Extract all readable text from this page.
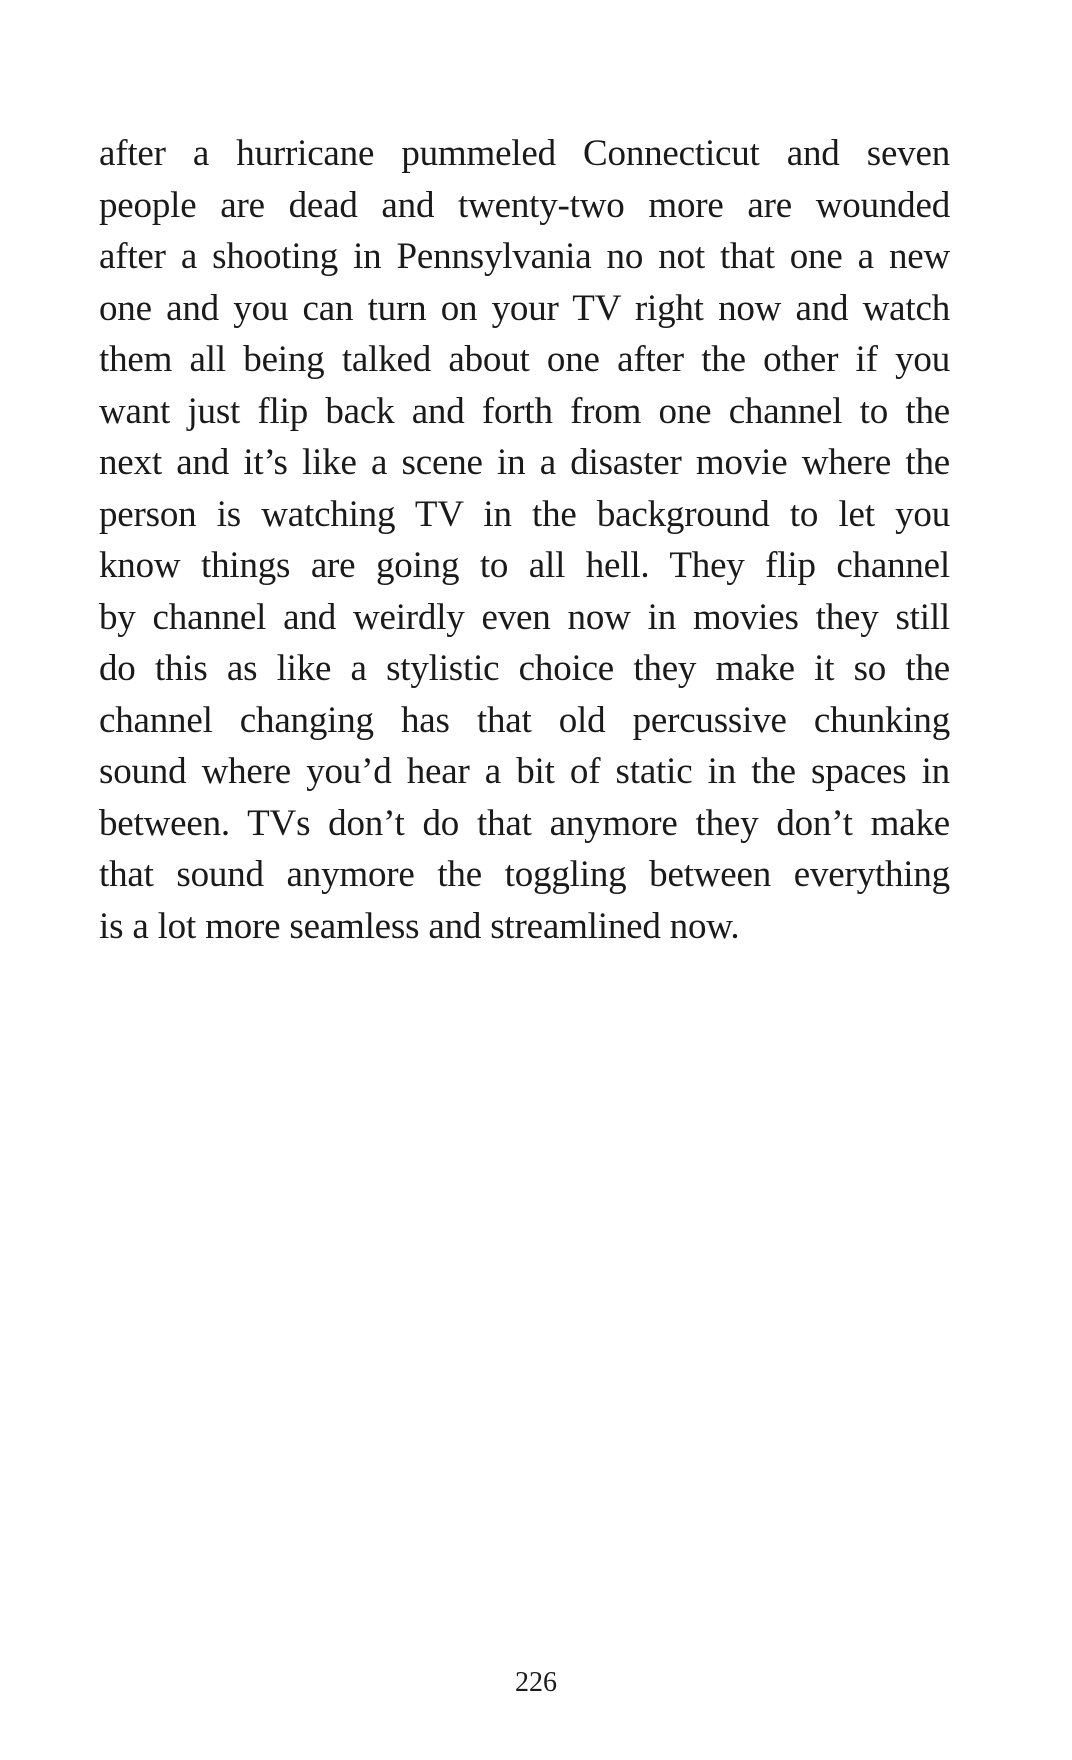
after a hurricane pummeled Connecticut and seven
people are dead and twenty-two more are wounded
after a shooting in Pennsylvania no not that one a new
one and you can turn on your TV right now and watch
them all being talked about one after the other if you
want just flip back and forth from one channel to the
next and it’s like a scene in a disaster movie where the
person is watching TV in the background to let you
know things are going to all hell. They flip channel
by channel and weirdly even now in movies they still
do this as like a stylistic choice they make it so the
channel changing has that old percussive chunking
sound where you’d hear a bit of static in the spaces in
between. TVs don’t do that anymore they don’t make
that sound anymore the toggling between everything
is a lot more seamless and streamlined now.
226
